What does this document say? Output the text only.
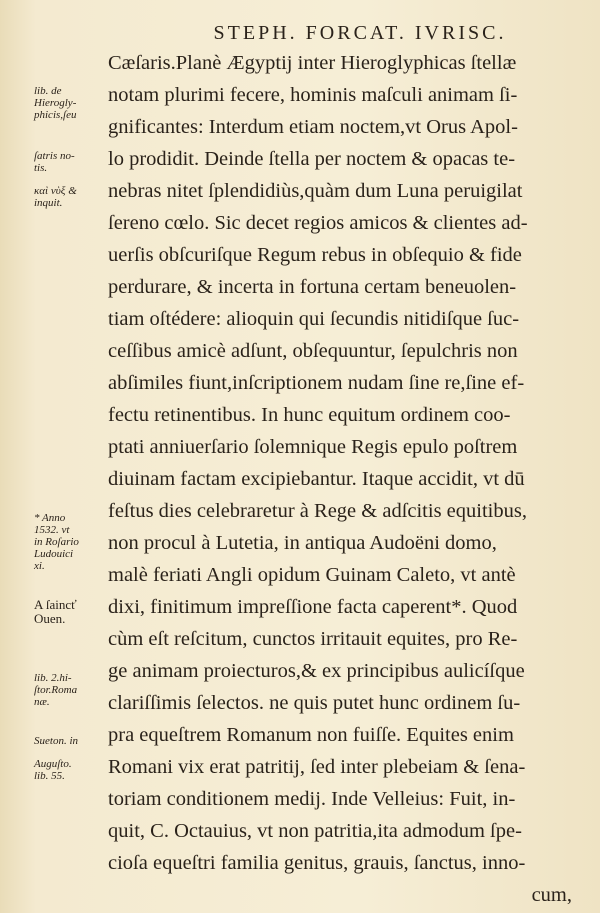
STEPH. FORCAT. IVRISC.
Cæſaris.Planè Ægyptij inter Hieroglyphicas ſtellæ
notam plurimi fecere, hominis maſculi animam ſi-
gnificantes: Interdum etiam noctem,vt Orus Apol-
lo prodidit. Deinde ſtella per noctem & opacas te-
nebras nitet ſplendidiùs,quàm dum Luna peruigilat
ſereno cœlo. Sic decet regios amicos & clientes ad-
uerſis obſcuriſque Regum rebus in obſequio & fide
perdurare, & incerta in fortuna certam beneuolen-
tiam oſtédere: alioquin qui ſecundis nitidiſque ſuc-
ceſſibus amicè adſunt, obſequuntur, ſepulchris non
abſimiles fiunt,inſcriptionem nudam ſine re,ſine ef-
fectu retinentibus. In hunc equitum ordinem coo-
ptati anniuerſario ſolemnique Regis epulo poſtrem
diuinam factam excipiebantur. Itaque accidit, vt dū
feſtus dies celebraretur à Rege & adſcitis equitibus,
non procul à Lutetia, in antiqua Audoëni domo,
malè feriati Angli opidum Guinam Caleto, vt antè
dixi, finitimum impreſſione facta caperent*. Quod
cùm eſt reſcitum, cunctos irritauit equites, pro Re-
ge animam proiecturos,& ex principibus aulicíſque
clariſſimis ſelectos. ne quis putet hunc ordinem ſu-
pra equeſtrem Romanum non fuiſſe. Equites enim
Romani vix erat patritij, ſed inter plebeiam & ſena-
toriam conditionem medij. Inde Velleius: Fuit, in-
quit, C. Octauius, vt non patritia,ita admodum ſpe-
cioſa equeſtri familia genitus, grauis, ſanctus, inno-
cum,
lib. de
Hierogly-
phicis,ſeu
ſatris no-
tis.
καὶ νὺξ &
inquit.
* Anno
1532. vt
in Roſario
Ludouici
xi.
A ſaincť
Ouen.
lib. 2.hi-
ſtor.Roma
næ.
Sueton. in
Auguſto.
lib. 55.
